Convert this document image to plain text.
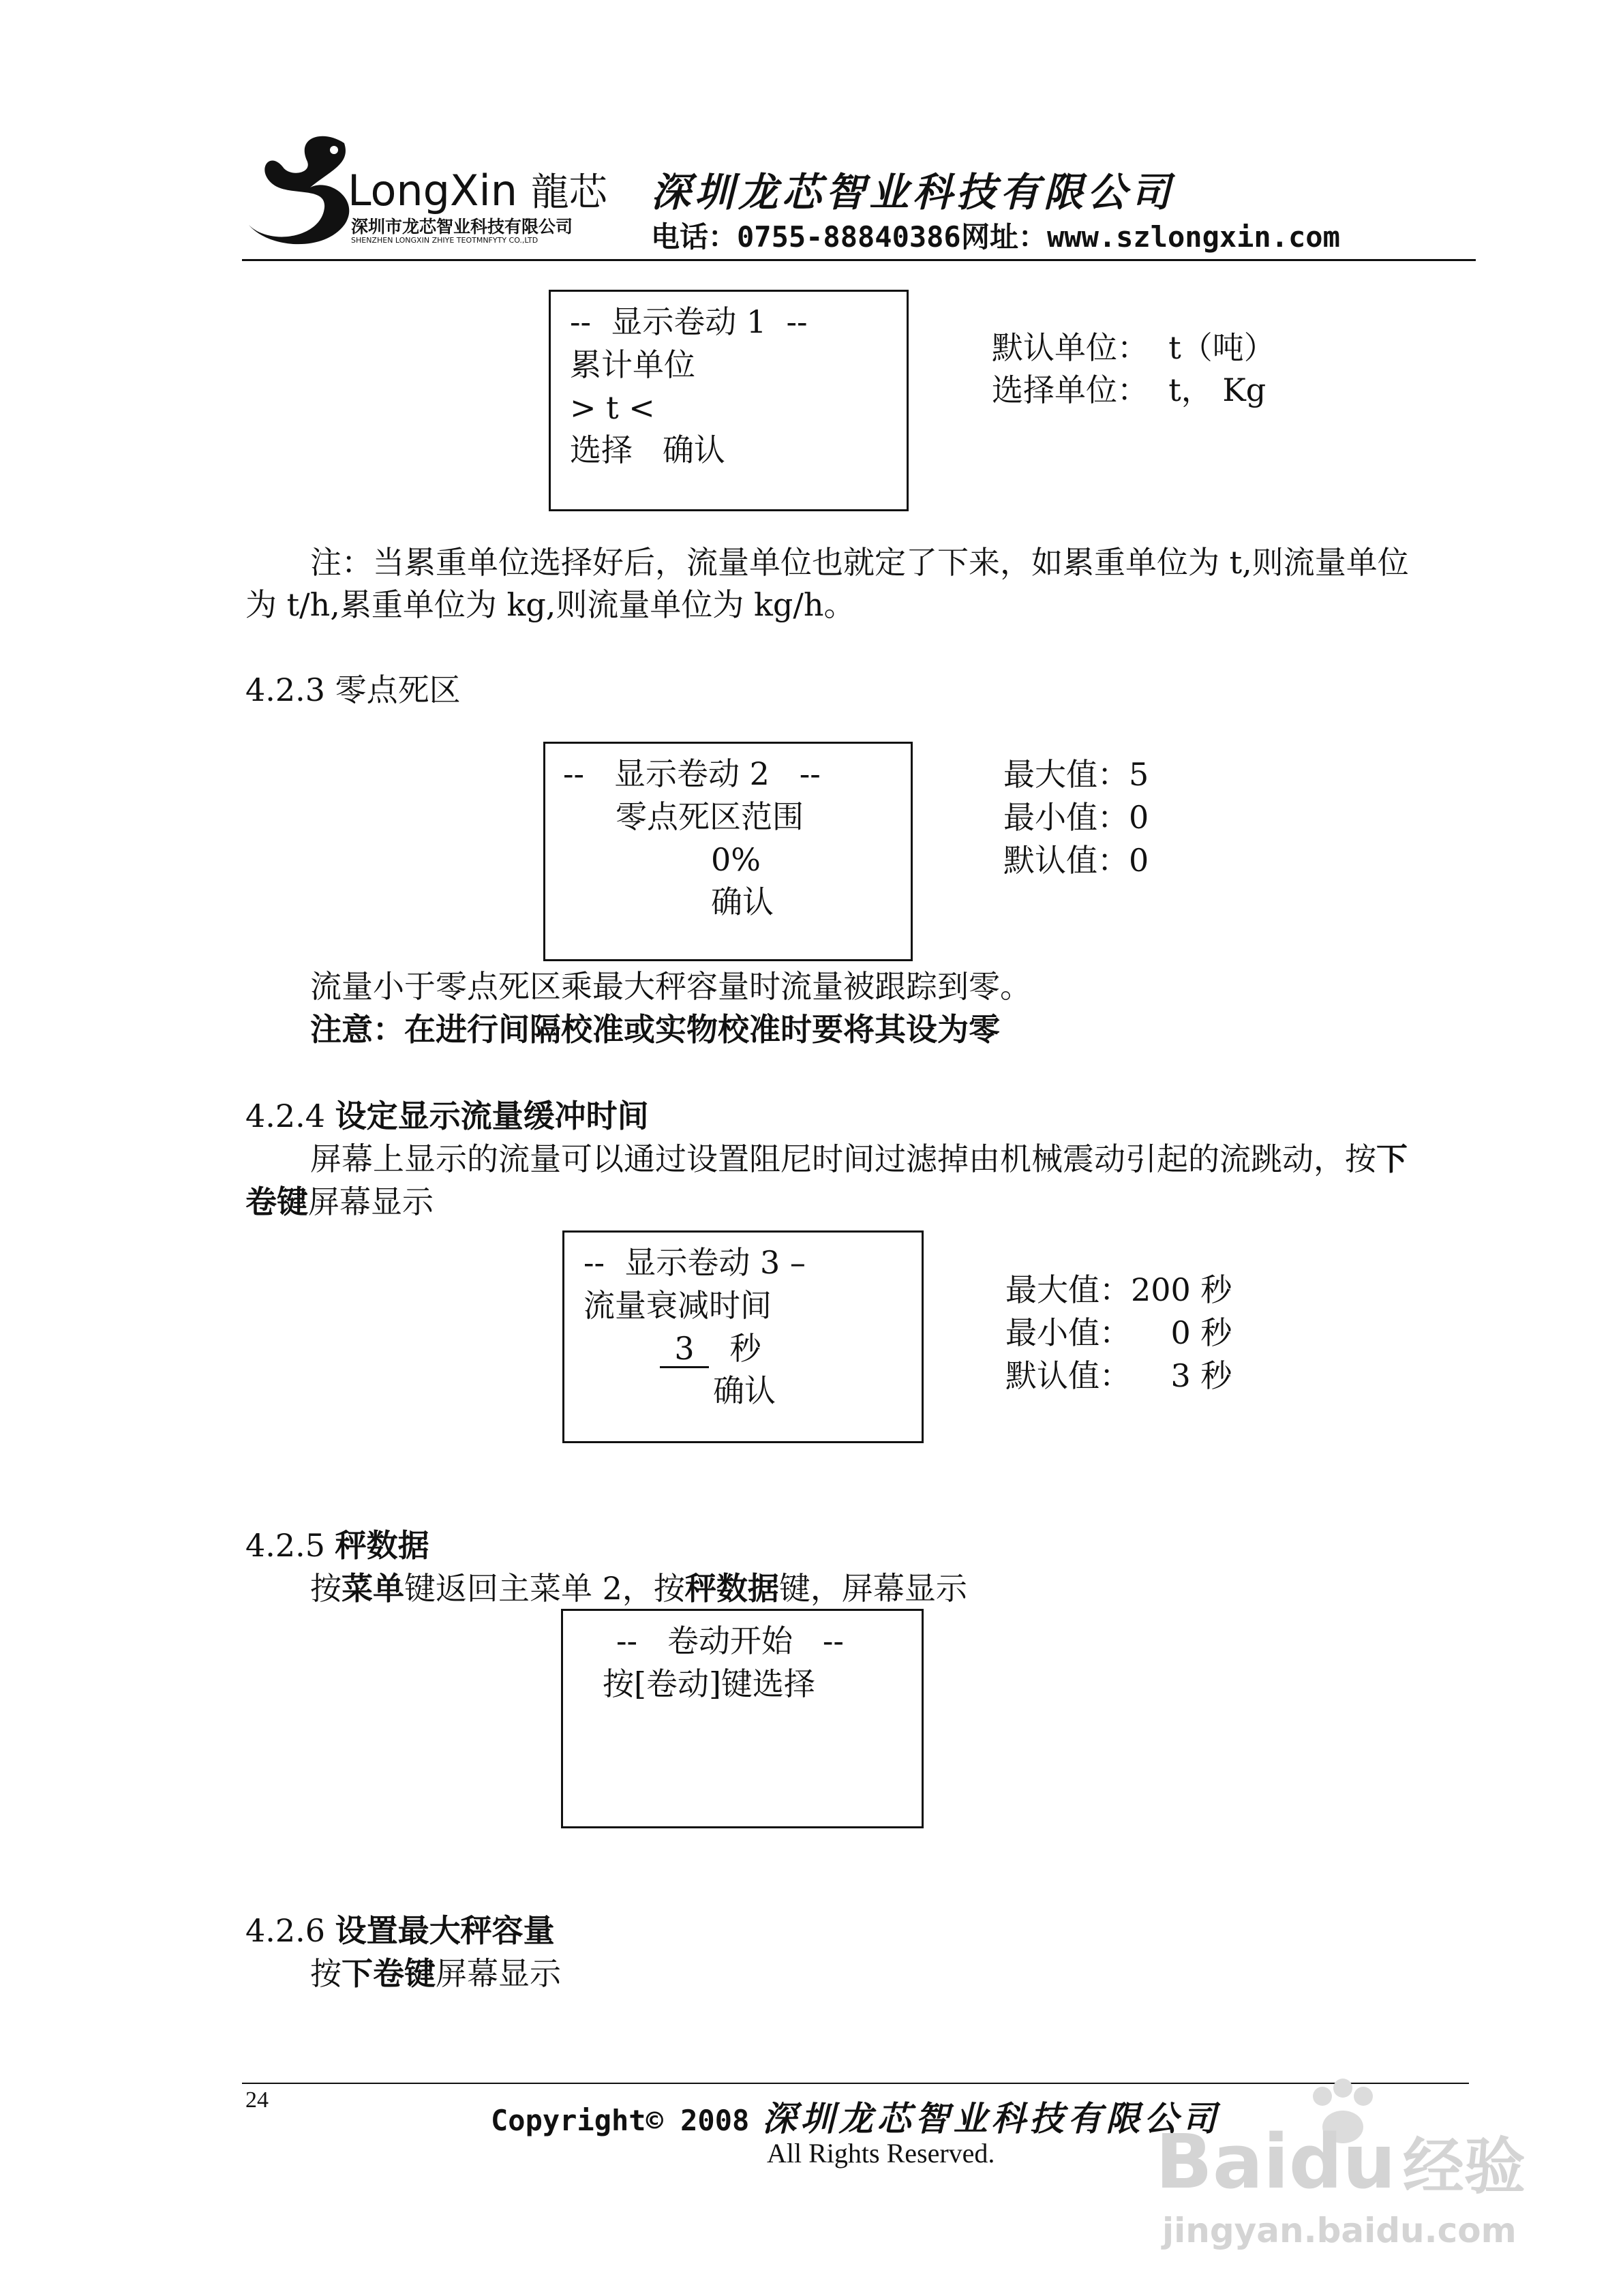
LongXin 龍芯
深圳市龙芯智业科技有限公司
SHENZHEN LONGXIN ZHIYE TEOTMNFYTY CO.,LTD
深圳龙芯智业科技有限公司
电话：0755-88840386 网址：www.szlongxin.com
--  显示卷动 1  --
累计单位
> t <
选择   确认
默认单位：  t（吨）
选择单位：  t， Kg
注：当累重单位选择好后，流量单位也就定了下来，如累重单位为 t,则流量单位
为 t/h,累重单位为 kg,则流量单位为 kg/h。
4.2.3 零点死区
--   显示卷动 2   --
零点死区范围
0%
确认
最大值：5
最小值：0
默认值：0
流量小于零点死区乘最大秤容量时流量被跟踪到零。
注意：在进行间隔校准或实物校准时要将其设为零
4.2.4 设定显示流量缓冲时间
屏幕上显示的流量可以通过设置阻尼时间过滤掉由机械震动引起的流跳动，按下
卷键屏幕显示
--  显示卷动 3 –
流量衰减时间
3 秒
确认
最大值：200 秒
最小值：    0 秒
默认值：    3 秒
4.2.5 秤数据
按菜单键返回主菜单 2，按秤数据键，屏幕显示
--   卷动开始   --
按[卷动]键选择
4.2.6 设置最大秤容量
按下卷键屏幕显示
24
Copyright© 2008 深圳龙芯智业科技有限公司
All Rights Reserved. Baidu 经验
jingyan.baidu.com
